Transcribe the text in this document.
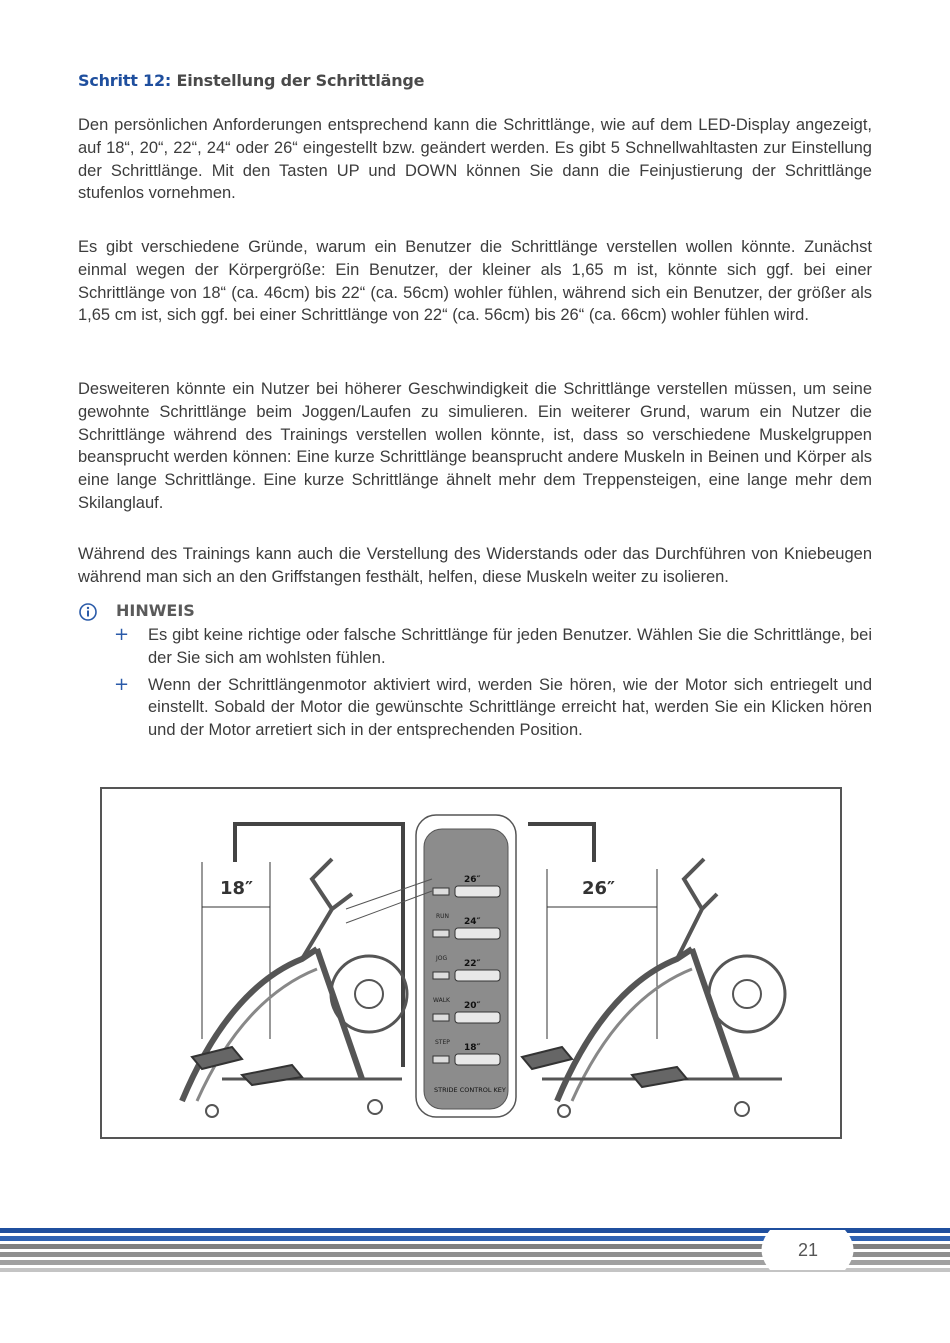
Schritt 12: Einstellung der Schrittlänge

Den persönlichen Anforderungen entsprechend kann die Schrittlänge, wie auf dem LED-Display angezeigt, auf 18“, 20“, 22“, 24“ oder 26“ eingestellt bzw. geändert werden. Es gibt 5 Schnellwahltasten zur Einstellung der Schrittlänge. Mit den Tasten UP und DOWN können Sie dann die Feinjustierung der Schrittlänge stufenlos vornehmen.

Es gibt verschiedene Gründe, warum ein Benutzer die Schrittlänge verstellen wollen könnte. Zunächst einmal wegen der Körpergröße: Ein Benutzer, der kleiner als 1,65 m ist, könnte sich ggf. bei einer Schrittlänge von 18“ (ca. 46cm) bis 22“ (ca. 56cm) wohler fühlen, während sich ein Benutzer, der größer als 1,65 cm ist, sich ggf. bei einer Schrittlänge von 22“ (ca. 56cm) bis 26“ (ca. 66cm) wohler fühlen wird.

Desweiteren könnte ein Nutzer bei höherer Geschwindigkeit die Schrittlänge verstellen müssen, um seine gewohnte Schrittlänge beim Joggen/Laufen zu simulieren. Ein weiterer Grund, warum ein Nutzer die Schrittlänge während des Trainings verstellen wollen könnte, ist, dass so verschiedene Muskelgruppen beansprucht werden können: Eine kurze Schrittlänge beansprucht andere Muskeln in Beinen und Körper als eine lange Schrittlänge. Eine kurze Schrittlänge ähnelt mehr dem Treppensteigen, eine lange mehr dem Skilanglauf.

Während des Trainings kann auch die Verstellung des Widerstands oder das Durchführen von Kniebeugen während man sich an den Griffstangen festhält, helfen, diese Muskeln weiter zu isolieren.

HINWEIS
+ Es gibt keine richtige oder falsche Schrittlänge für jeden Benutzer. Wählen Sie die Schrittlänge, bei der Sie sich am wohlsten fühlen.
+ Wenn der Schrittlängenmotor aktiviert wird, werden Sie hören, wie der Motor sich entriegelt und einstellt. Sobald der Motor die gewünschte Schrittlänge erreicht hat, werden Sie ein Klicken hören und der Motor arretiert sich in der entsprechenden Position.
18″	26″
24″
22″
20″
18″
RUN
JOG
WALK
STEP
STRIDE CONTROL KEY
26″
21
